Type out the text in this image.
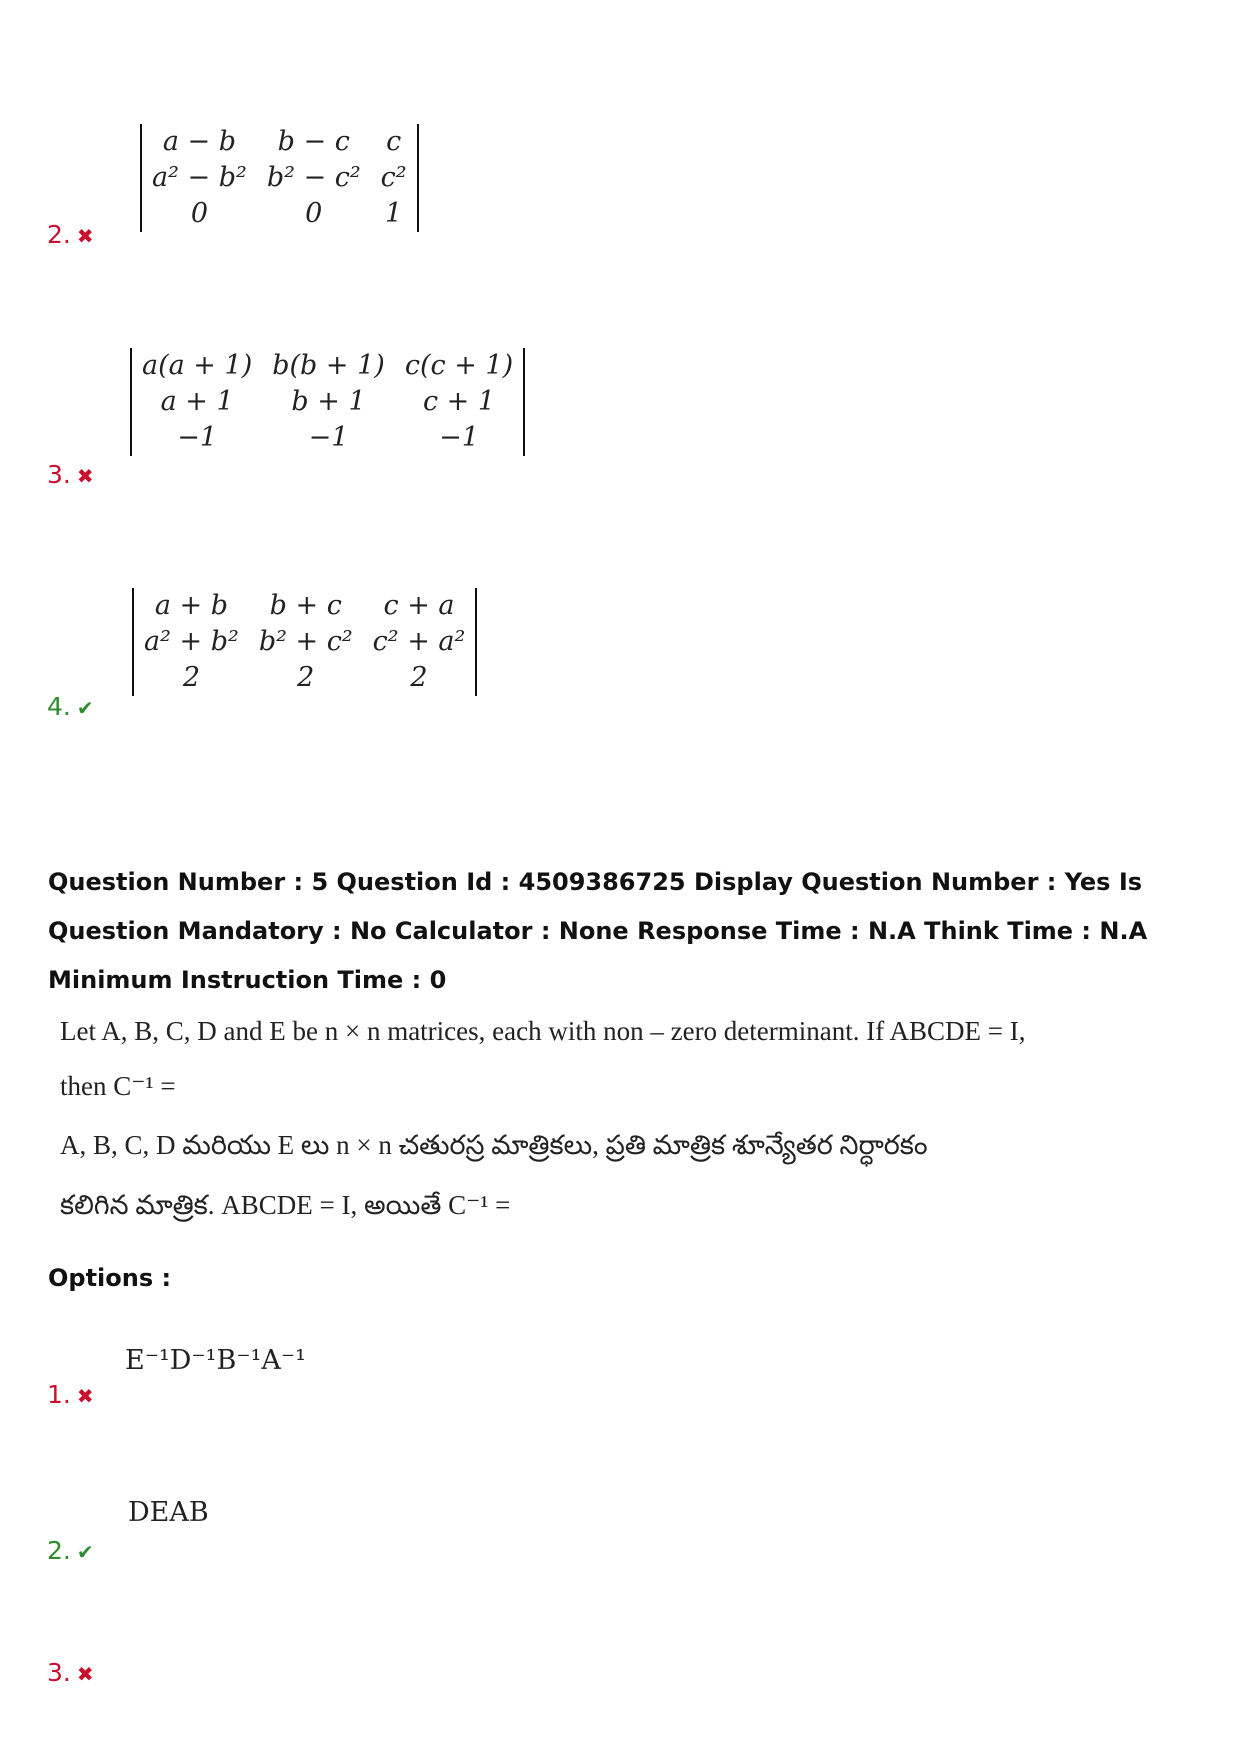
a − b	b − c	c
a² − b²	b² − c²	c²
0	0	1
2. ✖
a(a + 1)	b(b + 1)	c(c + 1)
a + 1	b + 1	c + 1
−1	−1	−1
3. ✖
a + b	b + c	c + a
a² + b²	b² + c²	c² + a²
2	2	2
4. ✔
Question Number : 5 Question Id : 4509386725 Display Question Number : Yes Is Question Mandatory : No Calculator : None Response Time : N.A Think Time : N.A Minimum Instruction Time : 0
Let A, B, C, D and E be n × n matrices, each with non – zero determinant. If ABCDE = I,
then C⁻¹ =
A, B, C, D మరియు E లు n × n చతురస్ర మాత్రికలు, ప్రతి మాత్రిక శూన్యేతర నిర్ధారకం
కలిగిన మాత్రిక. ABCDE = I, అయితే C⁻¹ =
Options :
E⁻¹D⁻¹B⁻¹A⁻¹
1. ✖
DEAB
2. ✔
3. ✖
